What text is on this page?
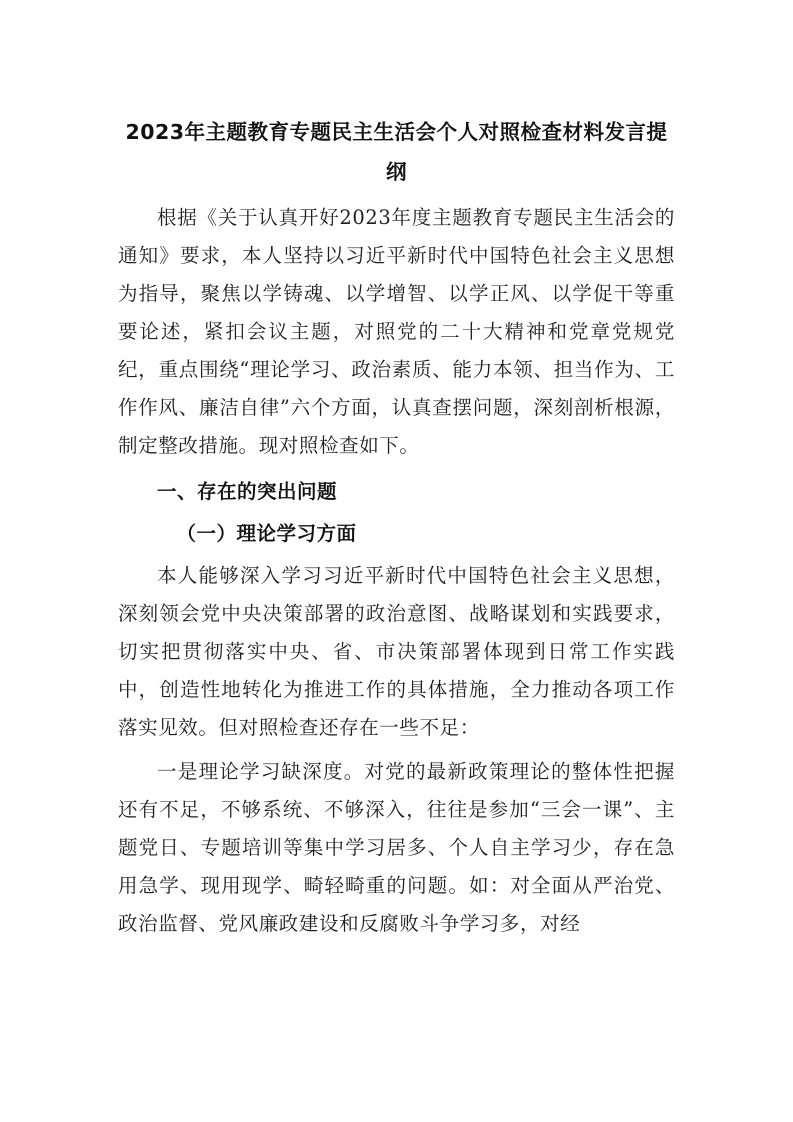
2023年主题教育专题民主生活会个人对照检查材料发言提纲

根据《关于认真开好2023年度主题教育专题民主生活会的通知》要求，本人坚持以习近平新时代中国特色社会主义思想为指导，聚焦以学铸魂、以学增智、以学正风、以学促干等重要论述，紧扣会议主题，对照党的二十大精神和党章党规党纪，重点围绕“理论学习、政治素质、能力本领、担当作为、工作作风、廉洁自律”六个方面，认真查摆问题，深刻剖析根源，制定整改措施。现对照检查如下。

一、存在的突出问题
（一）理论学习方面

本人能够深入学习习近平新时代中国特色社会主义思想，深刻领会党中央决策部署的政治意图、战略谋划和实践要求，切实把贯彻落实中央、省、市决策部署体现到日常工作实践中，创造性地转化为推进工作的具体措施，全力推动各项工作落实见效。但对照检查还存在一些不足：

一是理论学习缺深度。对党的最新政策理论的整体性把握还有不足，不够系统、不够深入，往往是参加“三会一课”、主题党日、专题培训等集中学习居多、个人自主学习少，存在急用急学、现用现学、畸轻畸重的问题。如：对全面从严治党、政治监督、党风廉政建设和反腐败斗争学习多，对经
